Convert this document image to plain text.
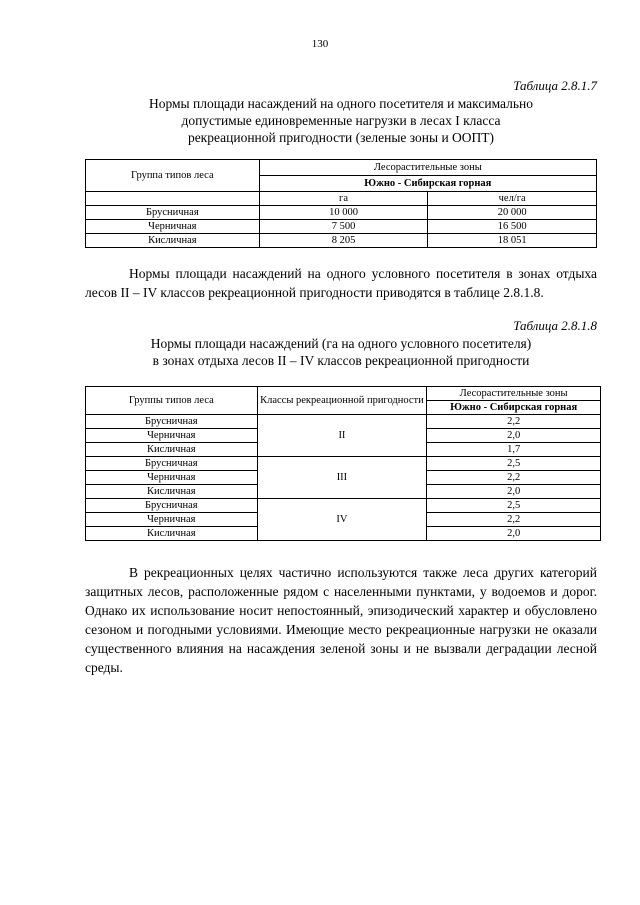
130
Таблица 2.8.1.7
Нормы площади насаждений на одного посетителя и максимально
допустимые единовременные нагрузки в лесах I класса
рекреационной пригодности (зеленые зоны и ООПТ)
Группа типов леса	Лесорастительные зоны	
	Южно - Сибирская горная	
	га	чел/га
Брусничная	10 000	20 000
Черничная	7 500	16 500
Кисличная	8 205	18 051

Нормы площади насаждений на одного условного посетителя в зонах отдыха лесов II – IV классов рекреационной пригодности приводятся в таблице 2.8.1.8.

Таблица 2.8.1.8
Нормы площади насаждений (га на одного условного посетителя)
в зонах отдыха лесов II – IV классов рекреационной пригодности
Группы типов леса	Классы рекреационной пригодности	Лесорастительные зоны
		Южно - Сибирская горная
Брусничная	II	2,2
Черничная		2,0
Кисличная		1,7
Брусничная	III	2,5
Черничная		2,2
Кисличная		2,0
Брусничная	IV	2,5
Черничная		2,2
Кисличная		2,0

В рекреационных целях частично используются также леса других категорий защитных лесов, расположенные рядом с населенными пунктами, у водоемов и дорог. Однако их использование носит непостоянный, эпизодический характер и обусловлено сезоном и погодными условиями. Имеющие место рекреационные нагрузки не оказали существенного влияния на насаждения зеленой зоны и не вызвали деградации лесной среды.
